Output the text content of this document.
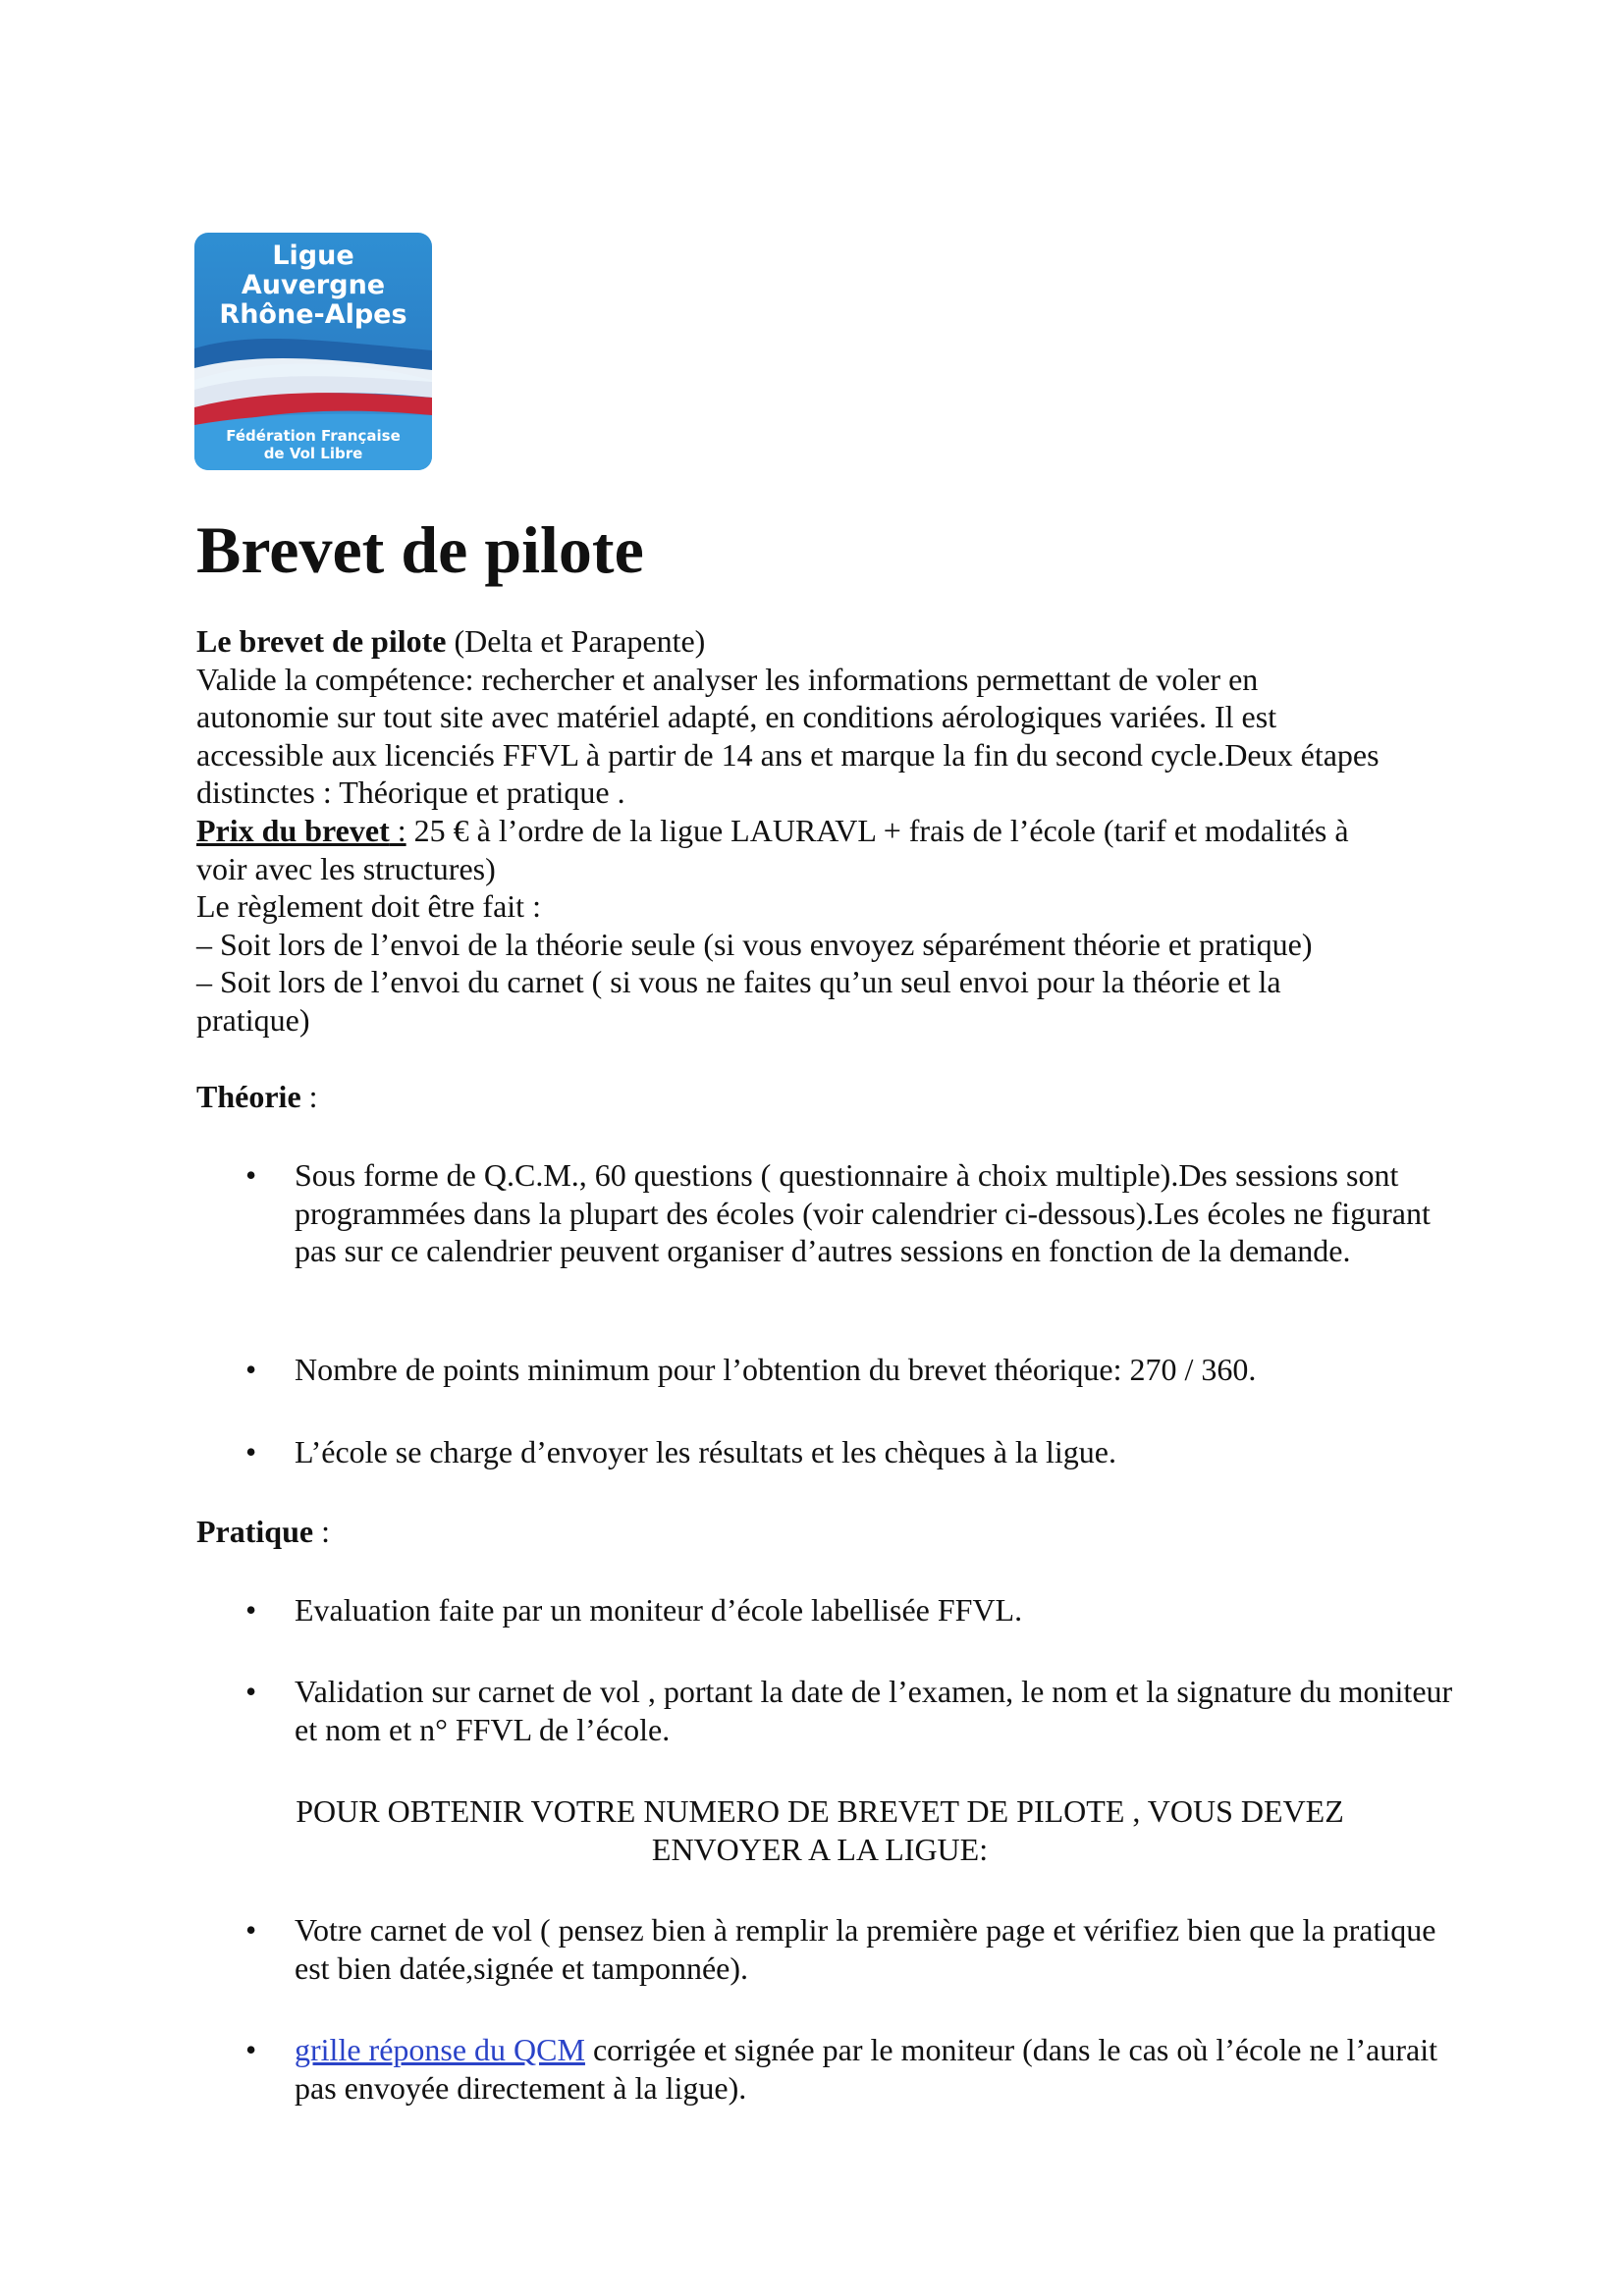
Ligue
Auvergne
Rhône-Alpes
Fédération Française
de Vol Libre
Brevet de pilote

Le brevet de pilote (Delta et Parapente)

Valide la compétence: rechercher et analyser les informations permettant de voler en

autonomie sur tout site avec matériel adapté, en conditions aérologiques variées. Il est

accessible aux licenciés FFVL à partir de 14 ans et marque la fin du second cycle.Deux étapes

distinctes : Théorique et pratique .

Prix du brevet : 25 € à l’ordre de la ligue LAURAVL + frais de l’école (tarif et modalités à

voir avec les structures)

Le règlement doit être fait :

– Soit lors de l’envoi de la théorie seule (si vous envoyez séparément théorie et pratique)

– Soit lors de l’envoi du carnet ( si vous ne faites qu’un seul envoi pour la théorie et la

pratique)

Théorie :

• Sous forme de Q.C.M., 60 questions ( questionnaire à choix multiple).Des sessions sont programmées dans la plupart des écoles (voir calendrier ci-dessous).Les écoles ne figurant pas sur ce calendrier peuvent organiser d’autres sessions en fonction de la demande.
• Nombre de points minimum pour l’obtention du brevet théorique: 270 / 360.
• L’école se charge d’envoyer les résultats et les chèques à la ligue.

Pratique :

• Evaluation faite par un moniteur d’école labellisée FFVL.
• Validation sur carnet de vol , portant la date de l’examen, le nom et la signature du moniteur et nom et n° FFVL de l’école.
POUR OBTENIR VOTRE NUMERO DE BREVET DE PILOTE , VOUS DEVEZ
ENVOYER A LA LIGUE:
• Votre carnet de vol ( pensez bien à remplir la première page et vérifiez bien que la pratique est bien datée,signée et tamponnée).
• grille réponse du QCM corrigée et signée par le moniteur (dans le cas où l’école ne l’aurait pas envoyée directement à la ligue).
